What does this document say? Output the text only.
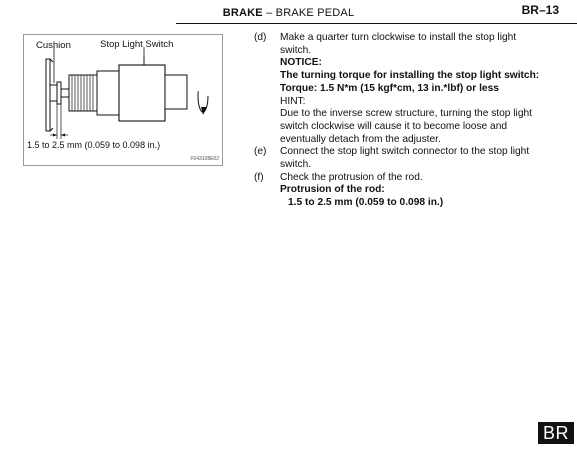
BRAKE – BRAKE PEDAL	BR–13
Cushion	Stop Light Switch
1.5 to 2.5 mm (0.059 to 0.098 in.)
F043108E02
(d) Make a quarter turn clockwise to install the stop light switch.
NOTICE:
The turning torque for installing the stop light switch:
Torque: 1.5 N*m (15 kgf*cm, 13 in.*lbf) or less
HINT:
Due to the inverse screw structure, turning the stop light switch clockwise will cause it to become loose and eventually detach from the adjuster.
(e) Connect the stop light switch connector to the stop light switch.
(f) Check the protrusion of the rod.
Protrusion of the rod:
1.5 to 2.5 mm (0.059 to 0.098 in.)
BR
